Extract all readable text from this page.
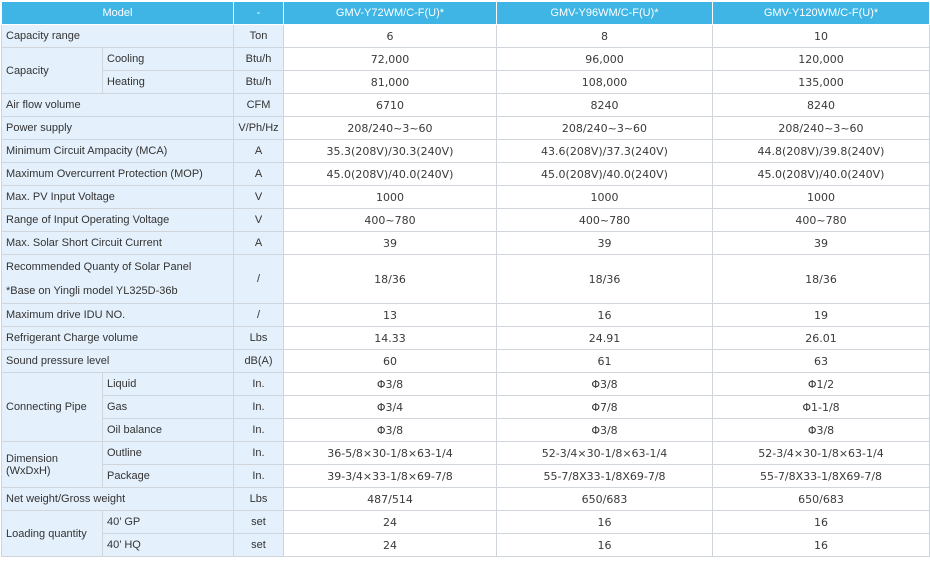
Model		-	GMV-Y72WM/C-F(U)*	GMV-Y96WM/C-F(U)*	GMV-Y120WM/C-F(U)*
Capacity range		Ton	6	8	10
Capacity	Cooling	Btu/h	72,000	96,000	120,000
	Heating	Btu/h	81,000	108,000	135,000
Air flow volume		CFM	6710	8240	8240
Power supply		V/Ph/Hz	208/240~3~60	208/240~3~60	208/240~3~60
Minimum Circuit Ampacity (MCA)		A	35.3(208V)/30.3(240V)	43.6(208V)/37.3(240V)	44.8(208V)/39.8(240V)
Maximum Overcurrent Protection (MOP)		A	45.0(208V)/40.0(240V)	45.0(208V)/40.0(240V)	45.0(208V)/40.0(240V)
Max. PV Input Voltage		V	1000	1000	1000
Range of Input Operating Voltage		V	400~780	400~780	400~780
Max. Solar Short Circuit Current		A	39	39	39

Recommended Quanty of Solar Panel
*Base on Yingli model YL325D-36b		/	18/36	18/36	18/36
Maximum drive IDU NO.		/	13	16	19
Refrigerant Charge volume		Lbs	14.33	24.91	26.01
Sound pressure level		dB(A)	60	61	63
Connecting Pipe	Liquid	In.	Φ3/8	Φ3/8	Φ1/2
	Gas	In.	Φ3/4	Φ7/8	Φ1-1/8
	Oil balance	In.	Φ3/8	Φ3/8	Φ3/8

Dimension
(WxDxH)	Outline	In.	36-5/8×30-1/8×63-1/4	52-3/4×30-1/8×63-1/4	52-3/4×30-1/8×63-1/4
	Package	In.	39-3/4×33-1/8×69-7/8	55-7/8X33-1/8X69-7/8	55-7/8X33-1/8X69-7/8
Net weight/Gross weight		Lbs	487/514	650/683	650/683
Loading quantity	40’ GP	set	24	16	16
	40’ HQ	set	24	16	16
